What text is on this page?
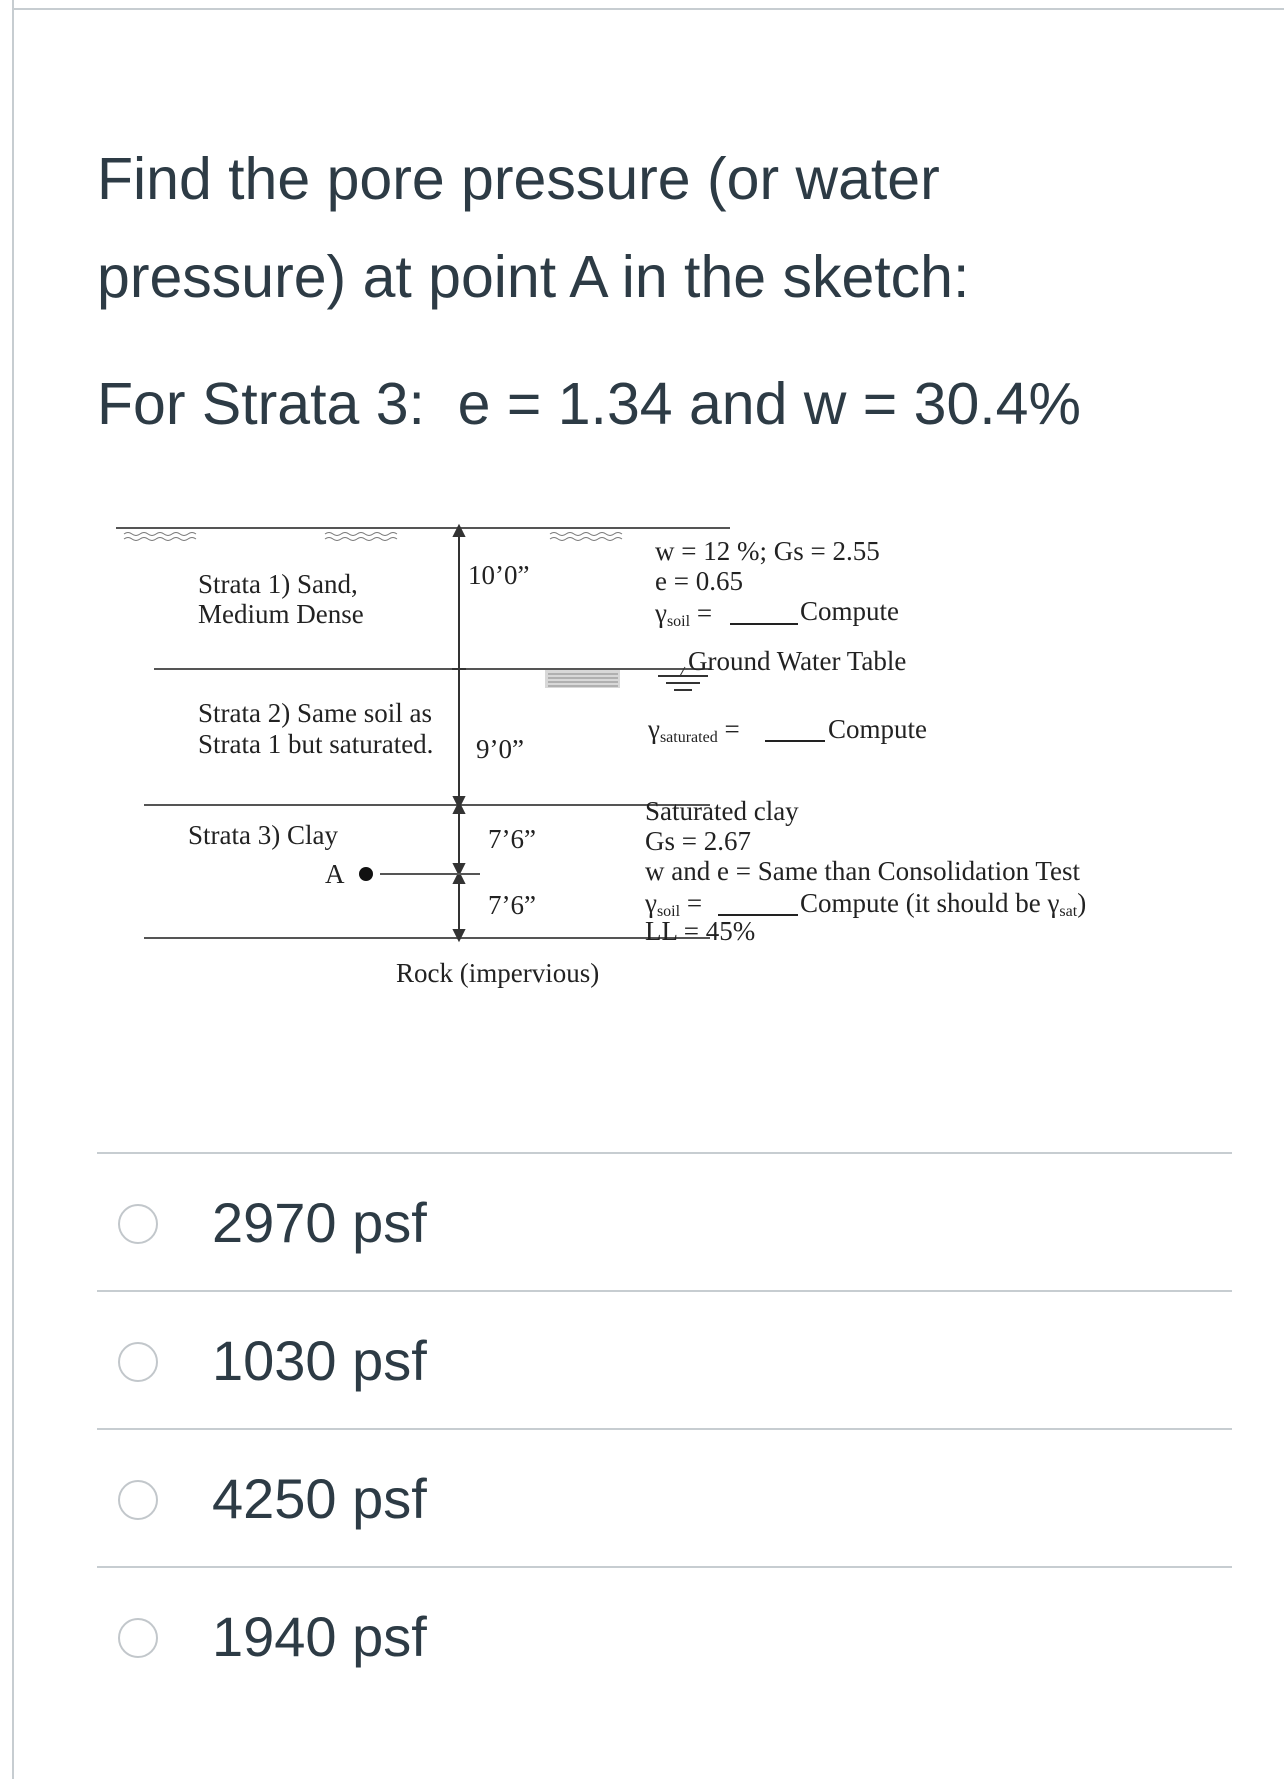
Find the pore pressure (or water

pressure) at point A in the sketch:

For Strata 3:  e = 1.34 and w = 30.4%
Strata 1) Sand,
Medium Dense
Strata 2) Same soil as
Strata 1 but saturated.
Strata 3) Clay
A
10’0”
9’0”
7’6”
7’6”
w = 12 %; Gs = 2.55
e = 0.65
γsoil =	Compute
Ground Water Table
γsaturated =	Compute
Saturated clay
Gs = 2.67
w and e = Same than Consolidation Test
γsoil =	Compute (it should be γsat)
LL = 45%
Rock (impervious)
2970 psf
1030 psf
4250 psf
1940 psf
